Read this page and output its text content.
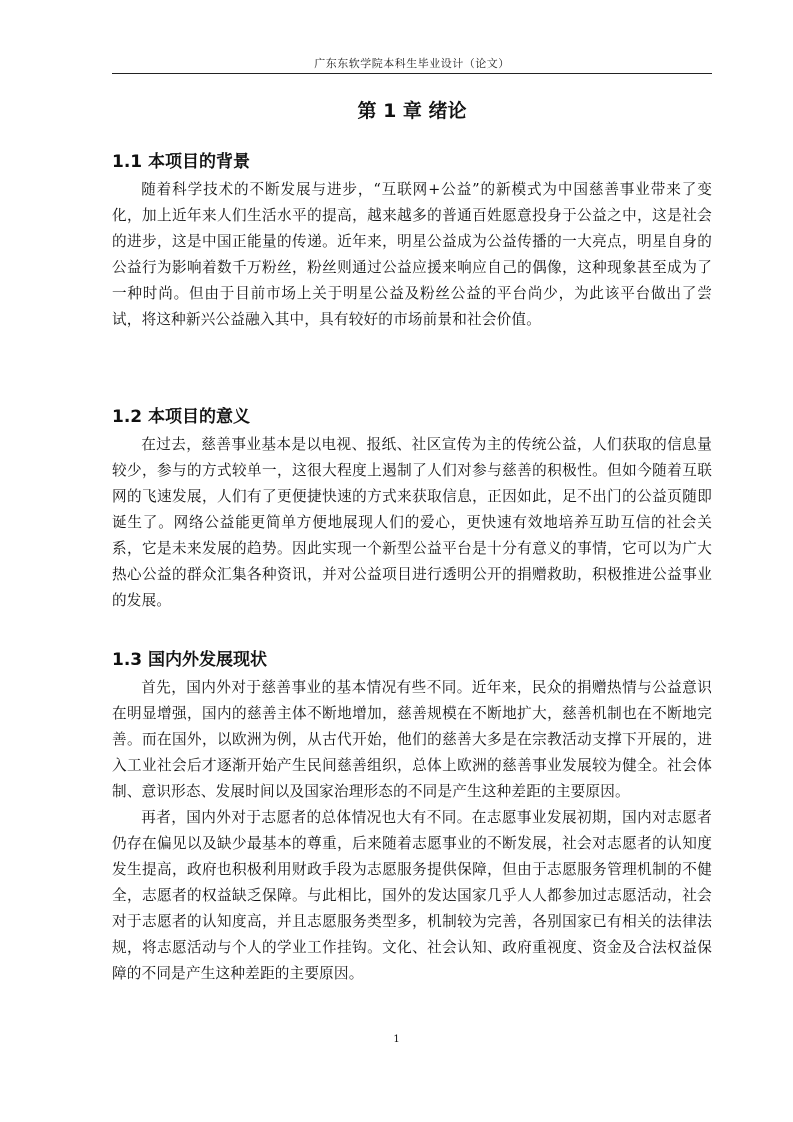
广东东软学院本科生毕业设计（论文）
第 1 章 绪论
1.1 本项目的背景

随着科学技术的不断发展与进步，“互联网+公益”的新模式为中国慈善事业带来了变化，加上近年来人们生活水平的提高，越来越多的普通百姓愿意投身于公益之中，这是社会的进步，这是中国正能量的传递。近年来，明星公益成为公益传播的一大亮点，明星自身的公益行为影响着数千万粉丝，粉丝则通过公益应援来响应自己的偶像，这种现象甚至成为了一种时尚。但由于目前市场上关于明星公益及粉丝公益的平台尚少，为此该平台做出了尝试，将这种新兴公益融入其中，具有较好的市场前景和社会价值。

1.2 本项目的意义

在过去，慈善事业基本是以电视、报纸、社区宣传为主的传统公益，人们获取的信息量较少，参与的方式较单一，这很大程度上遏制了人们对参与慈善的积极性。但如今随着互联网的飞速发展，人们有了更便捷快速的方式来获取信息，正因如此，足不出门的公益页随即诞生了。网络公益能更简单方便地展现人们的爱心，更快速有效地培养互助互信的社会关系，它是未来发展的趋势。因此实现一个新型公益平台是十分有意义的事情，它可以为广大热心公益的群众汇集各种资讯，并对公益项目进行透明公开的捐赠救助，积极推进公益事业的发展。

1.3 国内外发展现状

首先，国内外对于慈善事业的基本情况有些不同。近年来，民众的捐赠热情与公益意识在明显增强，国内的慈善主体不断地增加，慈善规模在不断地扩大，慈善机制也在不断地完善。而在国外，以欧洲为例，从古代开始，他们的慈善大多是在宗教活动支撑下开展的，进入工业社会后才逐渐开始产生民间慈善组织，总体上欧洲的慈善事业发展较为健全。社会体制、意识形态、发展时间以及国家治理形态的不同是产生这种差距的主要原因。

再者，国内外对于志愿者的总体情况也大有不同。在志愿事业发展初期，国内对志愿者仍存在偏见以及缺少最基本的尊重，后来随着志愿事业的不断发展，社会对志愿者的认知度发生提高，政府也积极利用财政手段为志愿服务提供保障，但由于志愿服务管理机制的不健全，志愿者的权益缺乏保障。与此相比，国外的发达国家几乎人人都参加过志愿活动，社会对于志愿者的认知度高，并且志愿服务类型多，机制较为完善，各别国家已有相关的法律法规，将志愿活动与个人的学业工作挂钩。文化、社会认知、政府重视度、资金及合法权益保障的不同是产生这种差距的主要原因。

1
